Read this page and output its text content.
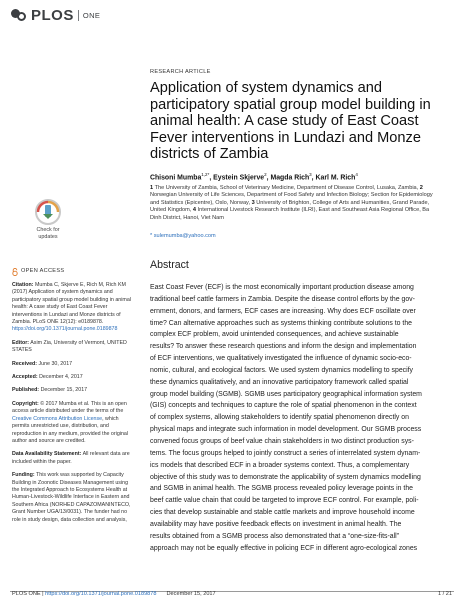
PLOS ONE
Check for
updates
OPEN ACCESS

Citation: Mumba C, Skjerve E, Rich M, Rich KM (2017) Application of system dynamics and participatory spatial group model building in animal health: A case study of East Coast Fever interventions in Lundazi and Monze districts of Zambia. PLoS ONE 12(12): e0189878. https://doi.org/10.1371/journal.pone.0189878

Editor: Asim Zia, University of Vermont, UNITED STATES

Received: June 30, 2017

Accepted: December 4, 2017

Published: December 15, 2017

Copyright: © 2017 Mumba et al. This is an open access article distributed under the terms of the Creative Commons Attribution License, which permits unrestricted use, distribution, and reproduction in any medium, provided the original author and source are credited.

Data Availability Statement: All relevant data are included within the paper.

Funding: This work was supported by Capacity Building in Zoonotic Diseases Management using the Integrated Approach to Ecosystems Health at Human-Livestock-Wildlife Interface in Eastern and Southern Africa (NORHED CAPAZOMANINTECO, Grant Number UGA/13/0031). The funder had no role in study design, data collection and analysis,

RESEARCH ARTICLE
Application of system dynamics and participatory spatial group model building in animal health: A case study of East Coast Fever interventions in Lundazi and Monze districts of Zambia
Chisoni Mumba$^{1,2*}$, Eystein Skjerve$^2$, Magda Rich$^3$, Karl M. Rich$^4$
1 The University of Zambia, School of Veterinary Medicine, Department of Disease Control, Lusaka, Zambia, 2 Norwegian University of Life Sciences, Department of Food Safety and Infection Biology; Section for Epidemiology and Statistics (Epicentre), Oslo, Norway, 3 University of Brighton, College of Arts and Humanities, Grand Parade, United Kingdom, 4 International Livestock Research Institute (ILRI), East and Southeast Asia Regional Office, Ba Dinh District, Hanoi, Viet Nam
* sulemumba@yahoo.com
Abstract
East Coast Fever (ECF) is the most economically important production disease among
traditional beef cattle farmers in Zambia. Despite the disease control efforts by the gov-
ernment, donors, and farmers, ECF cases are increasing. Why does ECF oscillate over
time? Can alternative approaches such as systems thinking contribute solutions to the
complex ECF problem, avoid unintended consequences, and achieve sustainable
results? To answer these research questions and inform the design and implementation
of ECF interventions, we qualitatively investigated the influence of dynamic socio-eco-
nomic, cultural, and ecological factors. We used system dynamics modelling to specify
these dynamics qualitatively, and an innovative participatory framework called spatial
group model building (SGMB). SGMB uses participatory geographical information system
(GIS) concepts and techniques to capture the role of spatial phenomenon in the context
of complex systems, allowing stakeholders to identify spatial phenomenon directly on
physical maps and integrate such information in model development. Our SGMB process
convened focus groups of beef value chain stakeholders in two distinct production sys-
tems. The focus groups helped to jointly construct a series of interrelated system dynam-
ics models that described ECF in a broader systems context. Thus, a complementary
objective of this study was to demonstrate the applicability of system dynamics modelling
and SGMB in animal health. The SGMB process revealed policy leverage points in the
beef cattle value chain that could be targeted to improve ECF control. For example, poli-
cies that develop sustainable and stable cattle markets and improve household income
availability may have positive feedback effects on investment in animal health. The
results obtained from a SGMB process also demonstrated that a “one-size-fits-all”
approach may not be equally effective in policing ECF in different agro-ecological zones
PLOS ONE | https://doi.org/10.1371/journal.pone.0189878 December 15, 2017	1 / 21
